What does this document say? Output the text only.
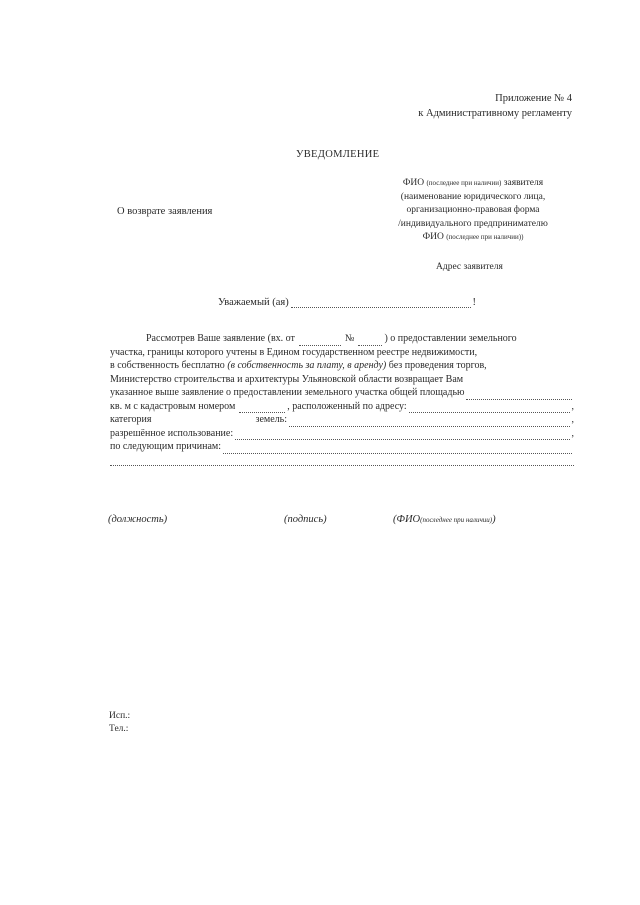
Приложение № 4
к Административному регламенту
УВЕДОМЛЕНИЕ
О возврате заявления
ФИО (последнее при наличии) заявителя
(наименование юридического лица,
организационно-правовая форма
/индивидуального предпринимателю
ФИО (последнее при наличии))
Адрес заявителя
Уважаемый (ая)	!
Рассмотрев Ваше заявление (вх. от	№	) о предоставлении земельного
участка, границы которого учтены в Едином государственном реестре недвижимости,
в собственность бесплатно (в собственность за плату, в аренду) без проведения торгов,
Министерство строительства и архитектуры Ульяновской области возвращает Вам
указанное выше заявление о предоставлении земельного участка общей площадью
кв. м с кадастровым номером	, расположенный по адресу:	,
категория	земель:	,
разрешённое использование:	,
по следующим причинам:
(должность)	(подпись)	(ФИО(последнее при наличии))
Исп.:
Тел.:
